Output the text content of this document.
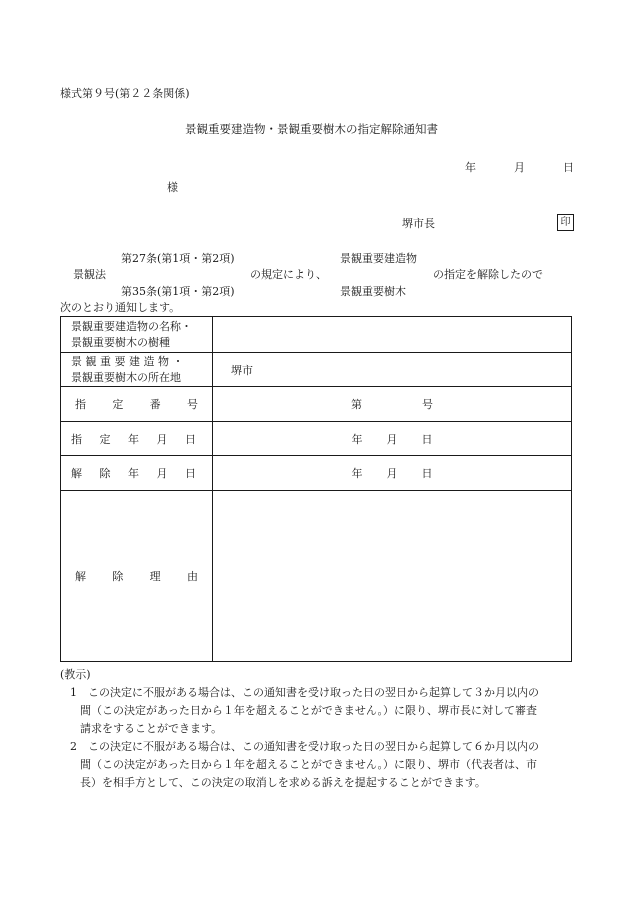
様式第９号(第２２条関係)
景観重要建造物・景観重要樹木の指定解除通知書
年	月	日
様
堺市長	印
第27条(第1項・第2項)
第35条(第1項・第2項)
景観法	の規定により、
景観重要建造物
景観重要樹木
の指定を解除したので
次のとおり通知します。
景観重要建造物の名称・
景観重要樹木の樹種	

景 観 重 要 建 造 物 ・
景観重要樹木の所在地	堺市

指 定 番 号	第 号

指 定 年 月 日	年 月 日

解 除 年 月 日	年 月 日

解 除 理 由	

(教示)
1 この決定に不服がある場合は、この通知書を受け取った日の翌日から起算して３か月以内の
間（この決定があった日から１年を超えることができません。）に限り、堺市長に対して審査
請求をすることができます。
2 この決定に不服がある場合は、この通知書を受け取った日の翌日から起算して６か月以内の
間（この決定があった日から１年を超えることができません。）に限り、堺市（代表者は、市
長）を相手方として、この決定の取消しを求める訴えを提起することができます。
